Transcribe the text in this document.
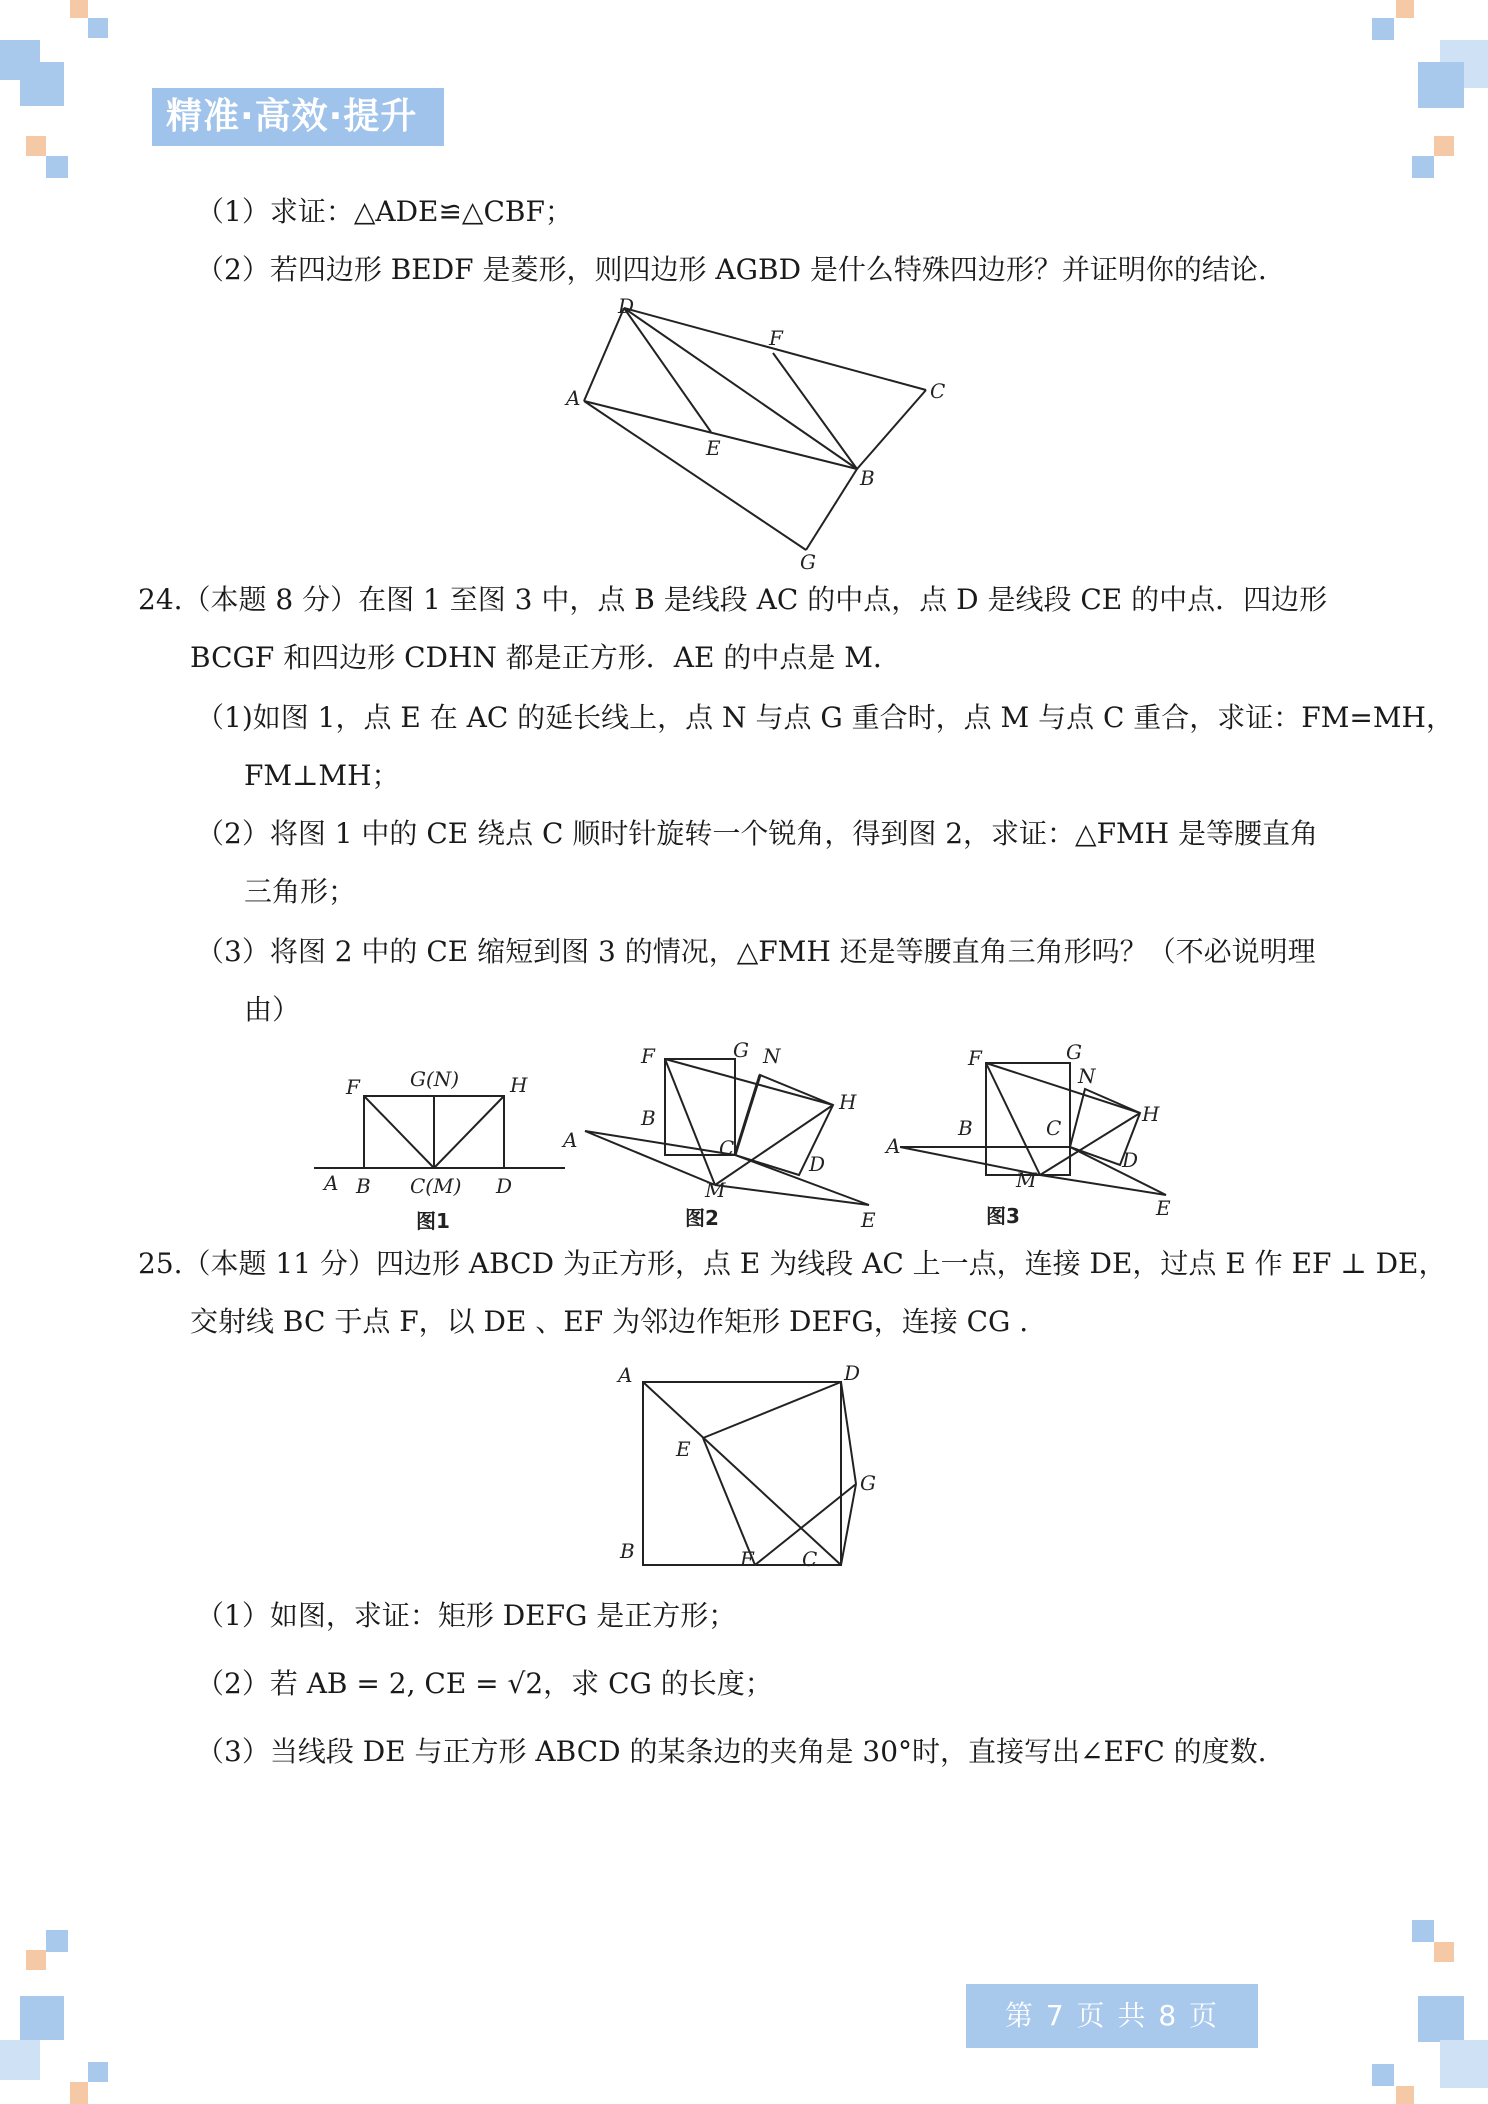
精准·高效·提升
（1）求证：△ADE≌△CBF；
（2）若四边形 BEDF 是菱形，则四边形 AGBD 是什么特殊四边形？并证明你的结论.
D
F
C
A
E
B
G
24.（本题 8 分）在图 1 至图 3 中，点 B 是线段 AC 的中点，点 D 是线段 CE 的中点．四边形
BCGF 和四边形 CDHN 都是正方形．AE 的中点是 M．
（1)如图 1，点 E 在 AC 的延长线上，点 N 与点 G 重合时，点 M 与点 C 重合，求证：FM=MH，
FM⊥MH；
（2）将图 1 中的 CE 绕点 C 顺时针旋转一个锐角，得到图 2，求证：△FMH 是等腰直角
三角形；
（3）将图 2 中的 CE 缩短到图 3 的情况，△FMH 还是等腰直角三角形吗？（不必说明理
由）
F	G(N)	H
A B C(M) D
图1
F	G N
H
B
A	C
D
M
E
图2
F	G
N
H
B	C
A
D
M
E
图3
25.（本题 11 分）四边形 ABCD 为正方形，点 E 为线段 AC 上一点，连接 DE，过点 E 作 EF ⊥ DE，
交射线 BC 于点 F，以 DE 、EF 为邻边作矩形 DEFG，连接 CG .
A	D
E
G
B	F C
（1）如图，求证：矩形 DEFG 是正方形；
（2）若 AB = 2, CE = √2，求 CG 的长度；
（3）当线段 DE 与正方形 ABCD 的某条边的夹角是 30°时，直接写出∠EFC 的度数.
第 7 页 共 8 页
